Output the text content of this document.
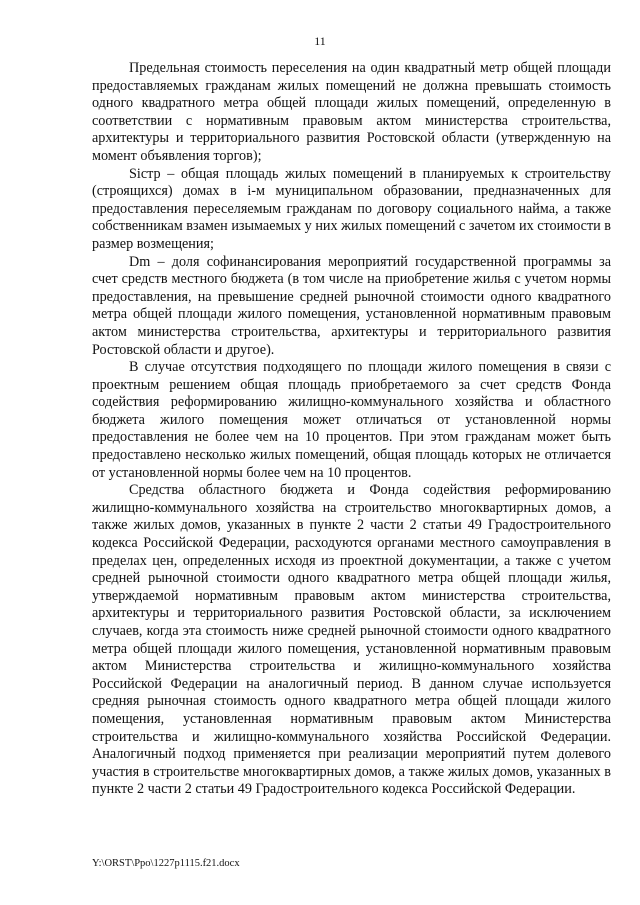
11

Предельная стоимость переселения на один квадратный метр общей площади предоставляемых гражданам жилых помещений не должна превышать стоимость одного квадратного метра общей площади жилых помещений, определенную в соответствии с нормативным правовым актом министерства строительства, архитектуры и территориального развития Ростовской области (утвержденную на момент объявления торгов);

Siстр – общая площадь жилых помещений в планируемых к строительству (строящихся) домах в i-м муниципальном образовании, предназначенных для предоставления переселяемым гражданам по договору социального найма, а также собственникам взамен изымаемых у них жилых помещений с зачетом их стоимости в размер возмещения;

Dm – доля софинансирования мероприятий государственной программы за счет средств местного бюджета (в том числе на приобретение жилья с учетом нормы предоставления, на превышение средней рыночной стоимости одного квадратного метра общей площади жилого помещения, установленной нормативным правовым актом министерства строительства, архитектуры и территориального развития Ростовской области и другое).

В случае отсутствия подходящего по площади жилого помещения в связи с проектным решением общая площадь приобретаемого за счет средств Фонда содействия реформированию жилищно-коммунального хозяйства и областного бюджета жилого помещения может отличаться от установленной нормы предоставления не более чем на 10 процентов. При этом гражданам может быть предоставлено несколько жилых помещений, общая площадь которых не отличается от установленной нормы более чем на 10 процентов.

Средства областного бюджета и Фонда содействия реформированию жилищно-коммунального хозяйства на строительство многоквартирных домов, а также жилых домов, указанных в пункте 2 части 2 статьи 49 Градостроительного кодекса Российской Федерации, расходуются органами местного самоуправления в пределах цен, определенных исходя из проектной документации, а также с учетом средней рыночной стоимости одного квадратного метра общей площади жилья, утверждаемой нормативным правовым актом министерства строительства, архитектуры и территориального развития Ростовской области, за исключением случаев, когда эта стоимость ниже средней рыночной стоимости одного квадратного метра общей площади жилого помещения, установленной нормативным правовым актом Министерства строительства и жилищно-коммунального хозяйства Российской Федерации на аналогичный период. В данном случае используется средняя рыночная стоимость одного квадратного метра общей площади жилого помещения, установленная нормативным правовым актом Министерства строительства и жилищно-коммунального хозяйства Российской Федерации. Аналогичный подход применяется при реализации мероприятий путем долевого участия в строительстве многоквартирных домов, а также жилых домов, указанных в пункте 2 части 2 статьи 49 Градостроительного кодекса Российской Федерации.

Y:\ORST\Ppo\1227p1115.f21.docx
